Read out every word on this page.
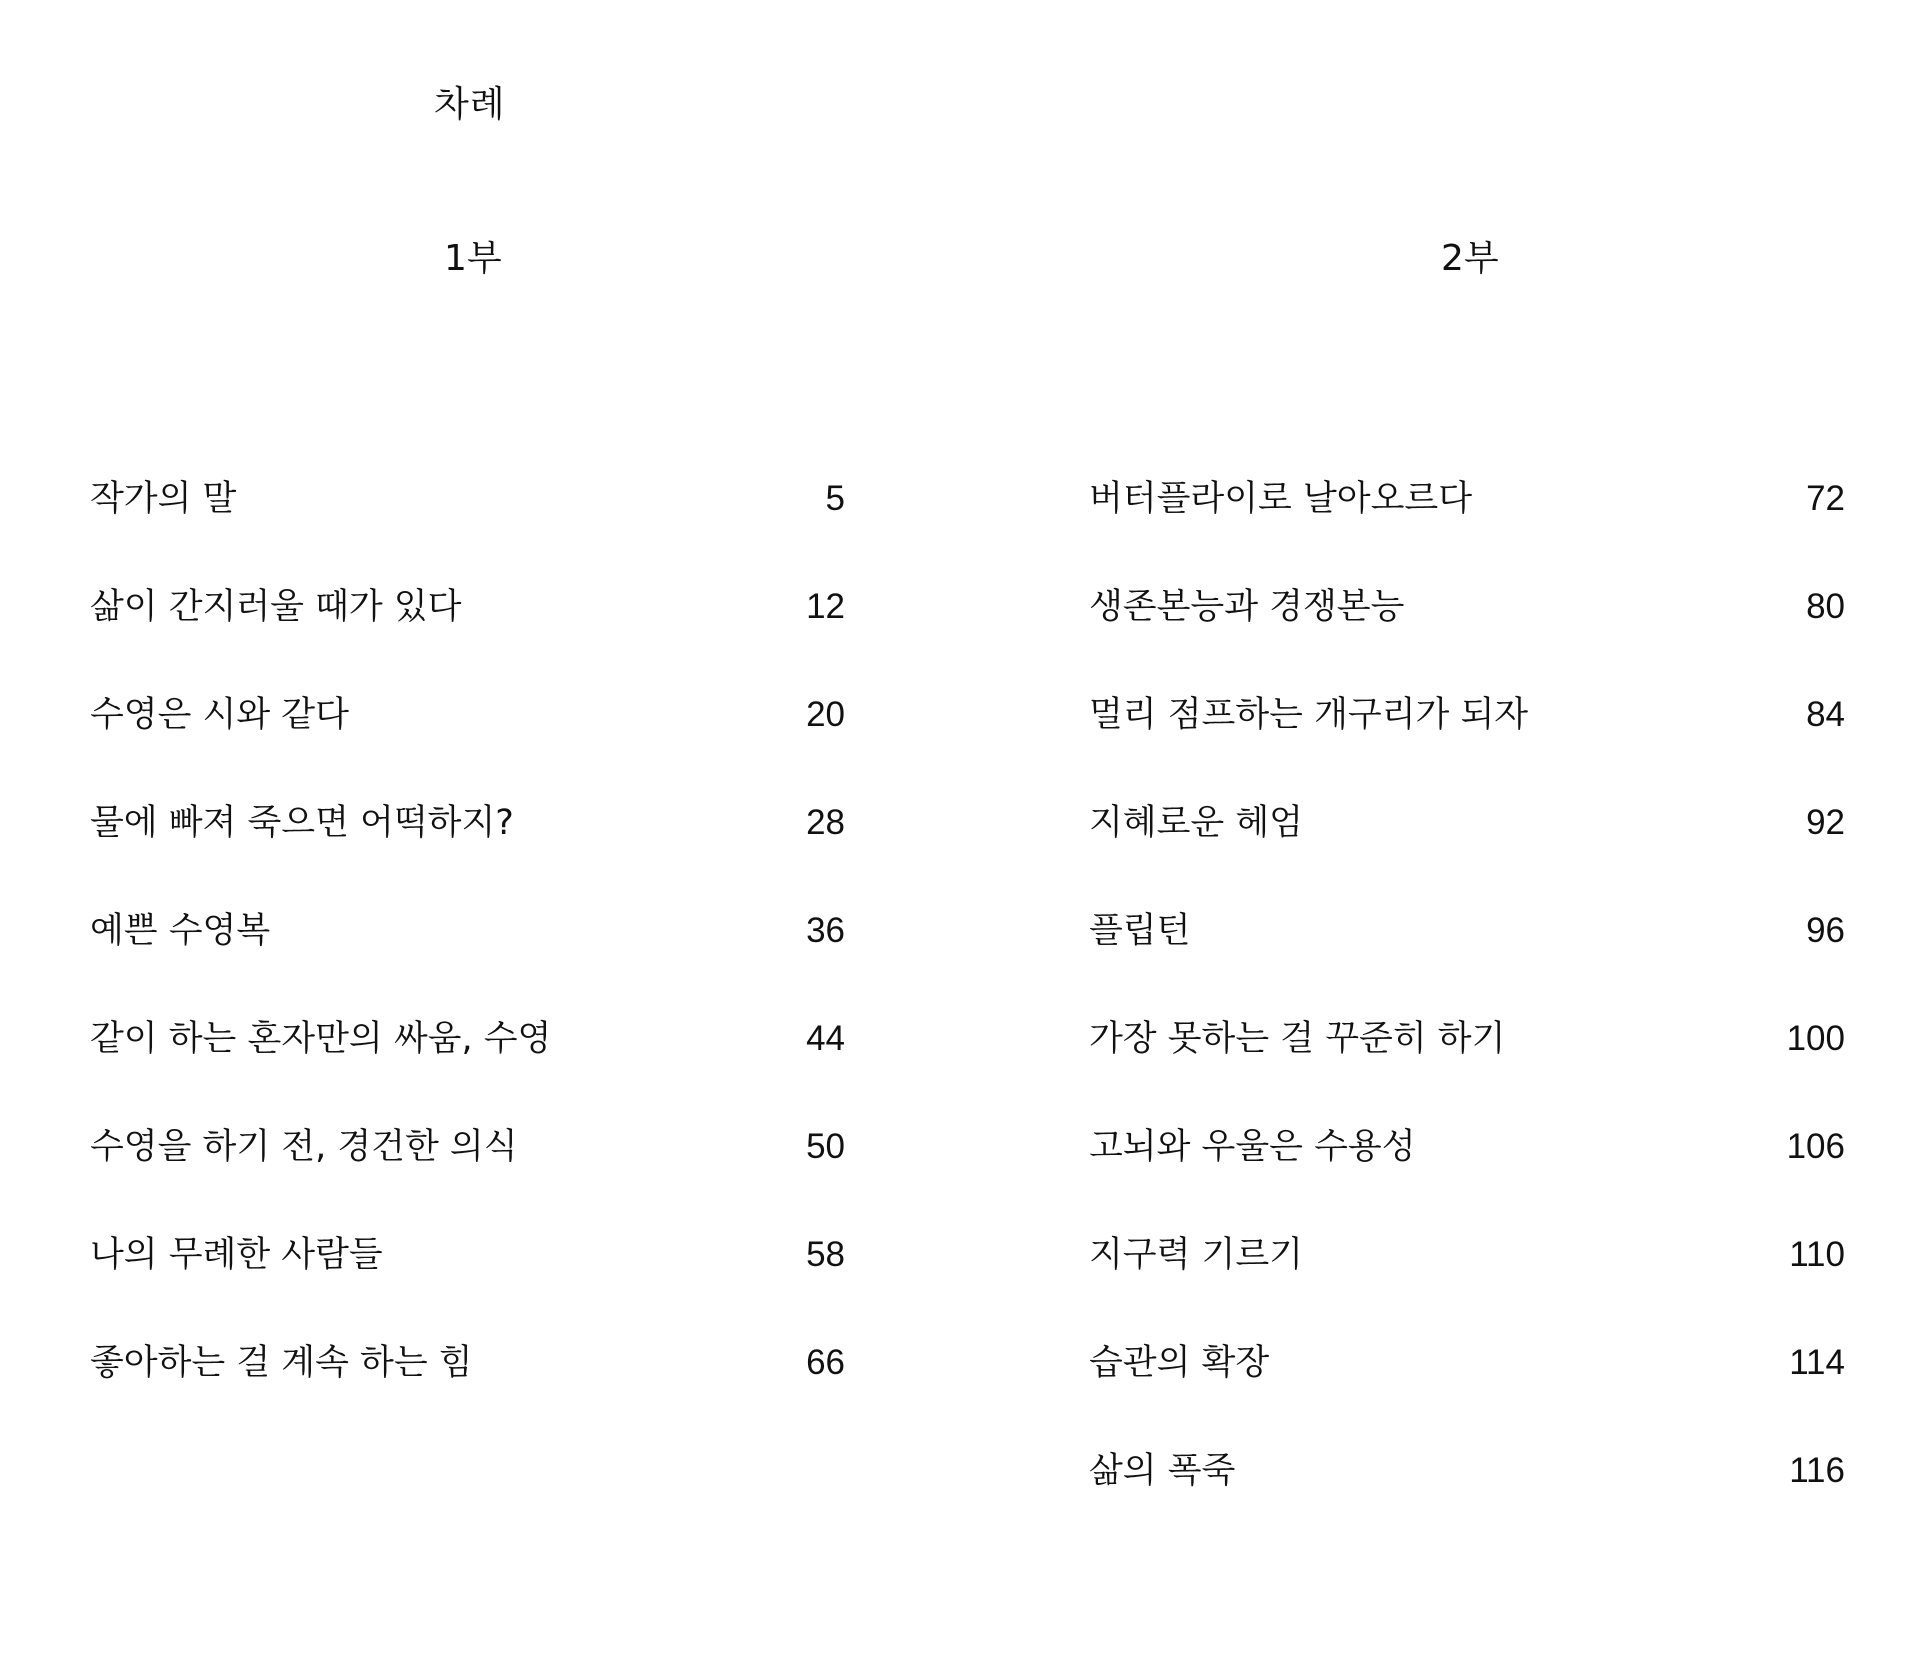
차례
1부	2부
작가의 말	5
삶이 간지러울 때가 있다	12
수영은 시와 같다	20
물에 빠져 죽으면 어떡하지?	28
예쁜 수영복	36
같이 하는 혼자만의 싸움, 수영	44
수영을 하기 전, 경건한 의식	50
나의 무례한 사람들	58
좋아하는 걸 계속 하는 힘	66
버터플라이로 날아오르다	72
생존본능과 경쟁본능	80
멀리 점프하는 개구리가 되자	84
지혜로운 헤엄	92
플립턴	96
가장 못하는 걸 꾸준히 하기	100
고뇌와 우울은 수용성	106
지구력 기르기	110
습관의 확장	114
삶의 폭죽	116
